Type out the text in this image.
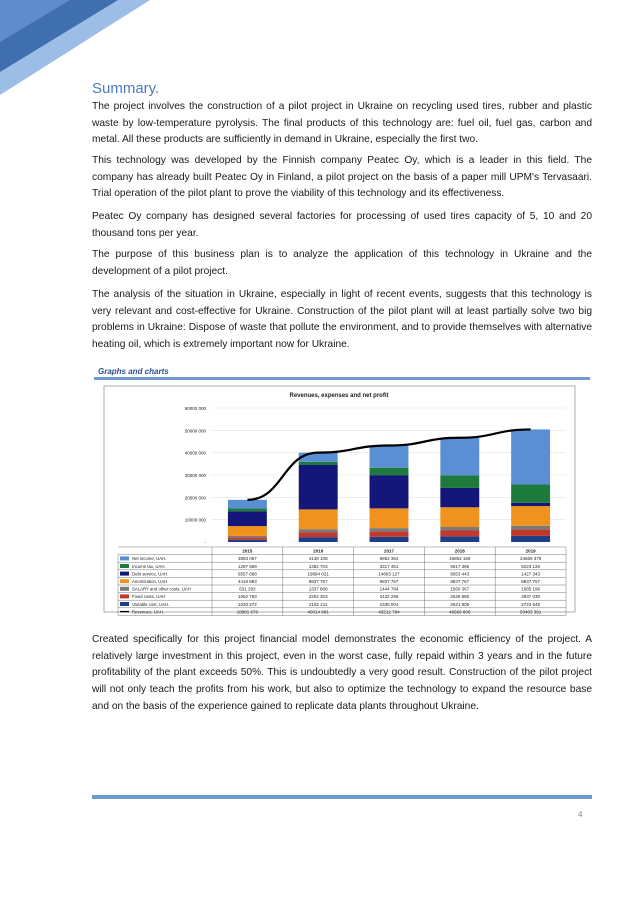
Summary.

The project involves the construction of a pilot project in Ukraine on recycling used tires, rubber and plastic waste by low-temperature pyrolysis. The final products of this technology are: fuel oil, fuel gas, carbon and metal. All these products are sufficiently in demand in Ukraine, especially the first two.

This technology was developed by the Finnish company Peatec Oy, which is a leader in this field. The company has already built Peatec Oy in Finland, a pilot project on the basis of a paper mill UPM's Tervasaari. Trial operation of the pilot plant to prove the viability of this technology and its effectiveness.

Peatec Oy company has designed several factories for processing of used tires capacity of 5, 10 and 20 thousand tons per year.

The purpose of this business plan is to analyze the application of this technology in Ukraine and the development of a pilot project.

The analysis of the situation in Ukraine, especially in light of recent events, suggests that this technology is very relevant and cost-effective for Ukraine. Construction of the pilot plant will at least partially solve two big problems in Ukraine: Dispose of waste that pollute the environment, and to provide themselves with alternative heating oil, which is extremely important now for Ukraine.

Graphs and charts
Revenues, expenses and net profit
60000 000
50000 000
40000 000
30000 000
20000 000
10000 000
-
2015	2016	2017	2018	2019
Net income, UAH.	3893 067	4148 108	9952 354	16852 159	24669 379
Income tax, UAH.	1297 689	1382 703	3317 451	5617 386	8223 126
Debt service, UAH.	6557 688	19894 021	14893 127	8653 443	1427 343
Amortization, UAH.	4418 883	8837 767	8837 767	8837 767	8837 767
SALARY and other costs, UAH	631 293	1337 868	1444 784	1560 367	1685 196
Fixed costs, UAH	1062 783	2252 303	2432 296	2626 880	2837 030
Variable cost, UAH.	1020 272	2162 211	2335 004	2521 805	2723 549
Revenues, UAH.	18881 676	40014 981	43212 784	46669 806	50403 391

Created specifically for this project financial model demonstrates the economic efficiency of the project. A relatively large investment in this project, even in the worst case, fully repaid within 3 years and in the future profitability of the plant exceeds 50%. This is undoubtedly a very good result. Construction of the pilot project will not only teach the profits from his work, but also to optimize the technology to expand the resource base and on the basis of the experience gained to replicate data plants throughout Ukraine.

4
